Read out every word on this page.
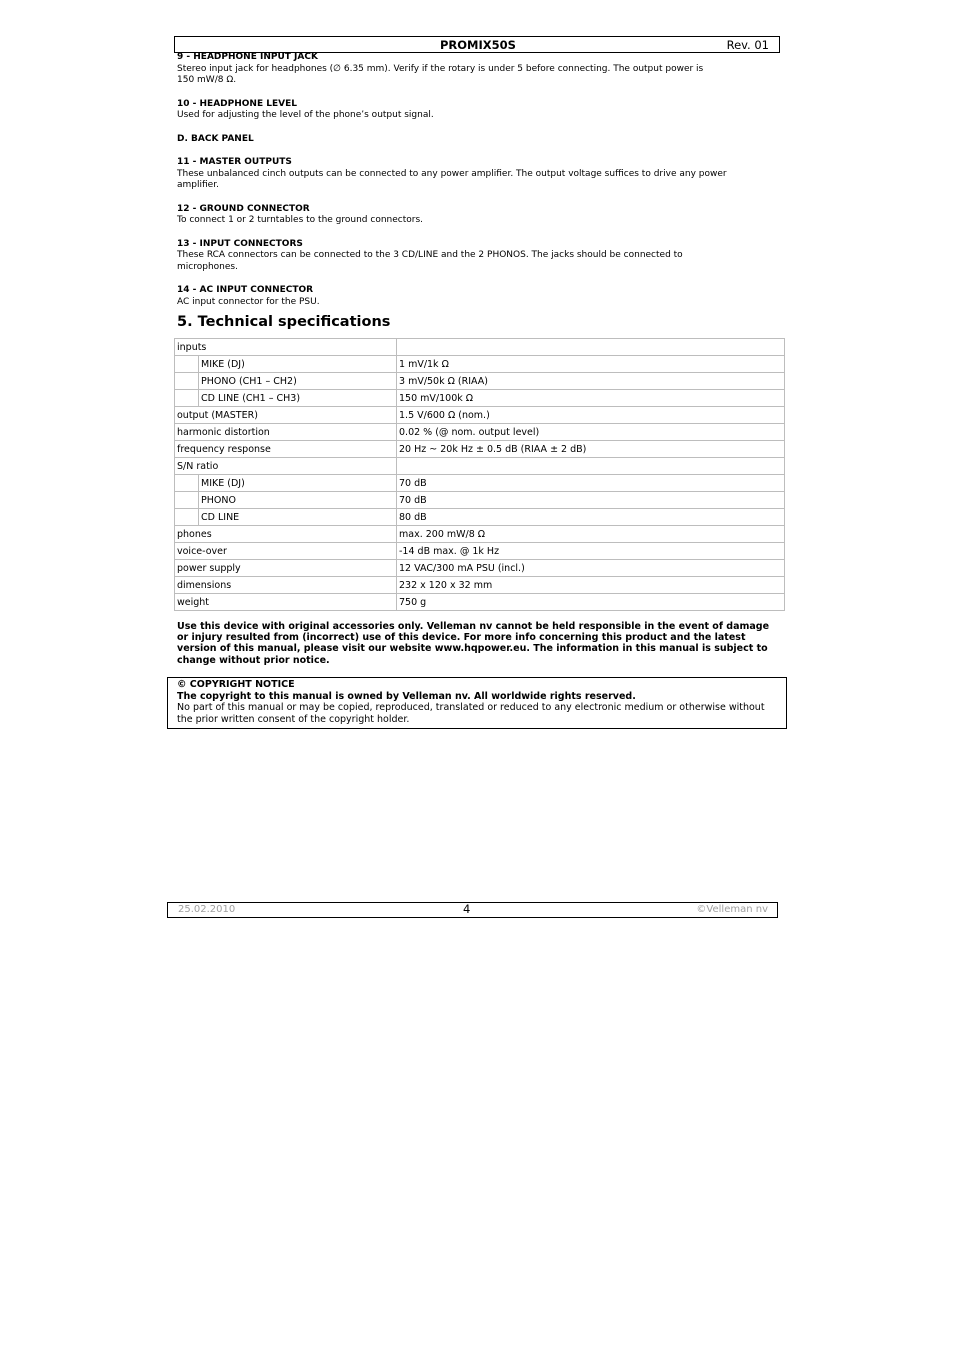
PROMIX50S	Rev. 01
9 - HEADPHONE INPUT JACK

Stereo input jack for headphones (∅ 6.35 mm). Verify if the rotary is under 5 before connecting. The output power is

150 mW/8 Ω.

10 - HEADPHONE LEVEL

Used for adjusting the level of the phone’s output signal.

D. BACK PANEL
11 - MASTER OUTPUTS

These unbalanced cinch outputs can be connected to any power amplifier. The output voltage suffices to drive any power

amplifier.

12 - GROUND CONNECTOR

To connect 1 or 2 turntables to the ground connectors.

13 - INPUT CONNECTORS

These RCA connectors can be connected to the 3 CD/LINE and the 2 PHONOS. The jacks should be connected to

microphones.

14 - AC INPUT CONNECTOR

AC input connector for the PSU.

5. Technical specifications
inputs		
	MIKE (DJ)	1 mV/1k Ω
	PHONO (CH1 – CH2)	3 mV/50k Ω (RIAA)
	CD LINE (CH1 – CH3)	150 mV/100k Ω
output (MASTER)		1.5 V/600 Ω (nom.)
harmonic distortion		0.02 % (@ nom. output level)
frequency response		20 Hz ~ 20k Hz ± 0.5 dB (RIAA ± 2 dB)
S/N ratio		
	MIKE (DJ)	70 dB
	PHONO	70 dB
	CD LINE	80 dB
phones		max. 200 mW/8 Ω
voice-over		-14 dB max. @ 1k Hz
power supply		12 VAC/300 mA PSU (incl.)
dimensions		232 x 120 x 32 mm
weight		750 g
Use this device with original accessories only. Velleman nv cannot be held responsible in the event of damage
or injury resulted from (incorrect) use of this device. For more info concerning this product and the latest
version of this manual, please visit our website www.hqpower.eu. The information in this manual is subject to
change without prior notice.
© COPYRIGHT NOTICE
The copyright to this manual is owned by Velleman nv. All worldwide rights reserved.
No part of this manual or may be copied, reproduced, translated or reduced to any electronic medium or otherwise without
the prior written consent of the copyright holder.
25.02.2010	4	©Velleman nv
